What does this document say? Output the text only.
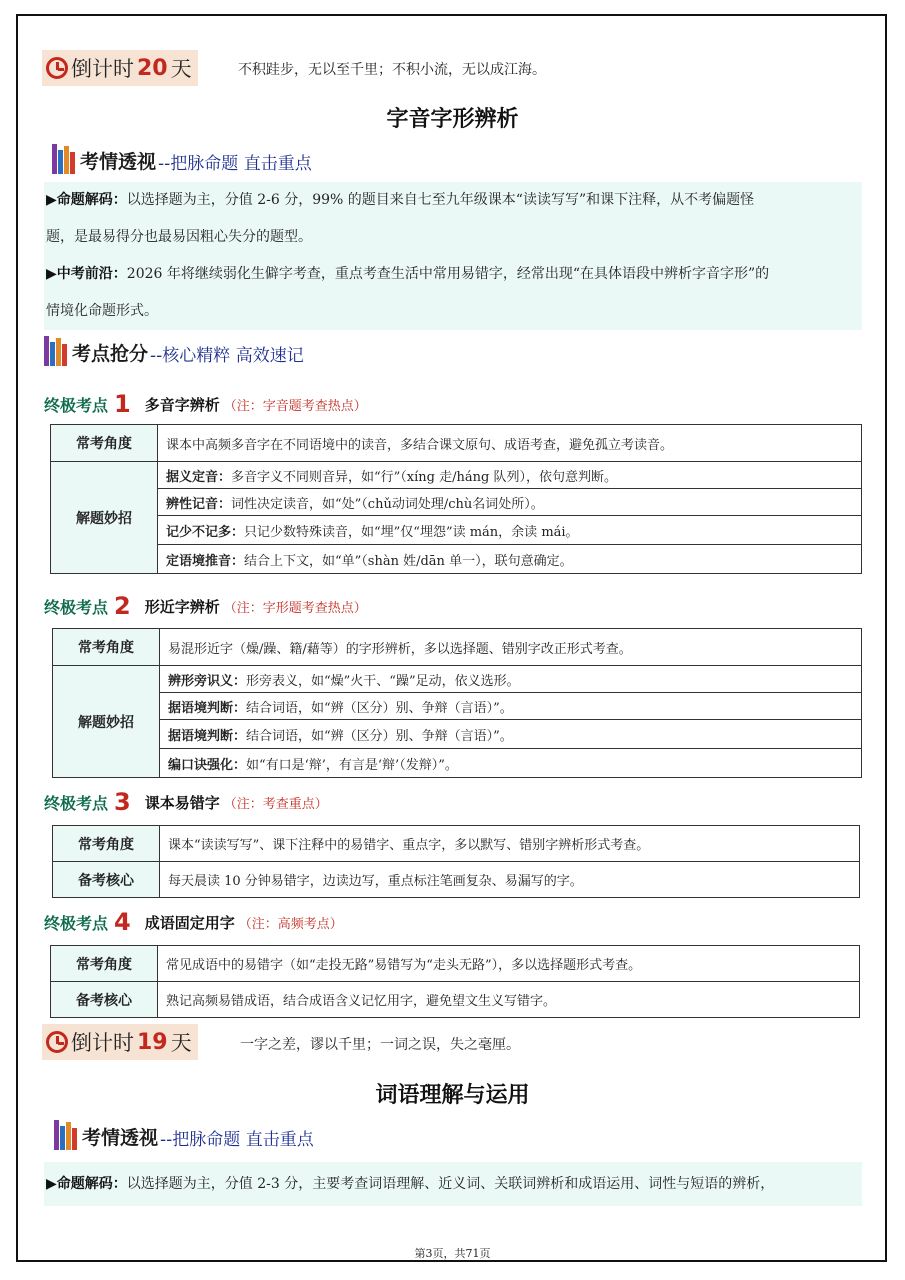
倒计时 20 天	不积跬步，无以至千里；不积小流，无以成江海。
字音字形辨析
考情透视 --把脉命题 直击重点
▶命题解码：以选择题为主，分值 2-6 分，99% 的题目来自七至九年级课本“读读写写”和课下注释，从不考偏题怪
题，是最易得分也最易因粗心失分的题型。
▶中考前沿：2026 年将继续弱化生僻字考查，重点考查生活中常用易错字，经常出现“在具体语段中辨析字音字形”的
情境化命题形式。
考点抢分 --核心精粹 高效速记
终极考点 1 多音字辨析 （注：字音题考查热点）
常考角度	课本中高频多音字在不同语境中的读音，多结合课文原句、成语考查，避免孤立考读音。
解题妙招	据义定音：多音字义不同则音异，如“行”（xíng 走/háng 队列），依句意判断。
	辨性记音：词性决定读音，如“处”（chǔ动词处理/chù名词处所）。
	记少不记多：只记少数特殊读音，如“埋”仅“埋怨”读 mán，余读 mái。
	定语境推音：结合上下文，如“单”（shàn 姓/dān 单一），联句意确定。
终极考点 2 形近字辨析 （注：字形题考查热点）
常考角度	易混形近字（燥/躁、籍/藉等）的字形辨析，多以选择题、错别字改正形式考查。
解题妙招	辨形旁识义：形旁表义，如“燥”火干、“躁”足动，依义选形。
	据语境判断：结合词语，如“辨（区分）别、争辩（言语）”。
	据语境判断：结合词语，如“辨（区分）别、争辩（言语）”。
	编口诀强化：如“有口是‘辩’，有言是‘辩’（发辩）”。
终极考点 3 课本易错字 （注：考查重点）
常考角度	课本“读读写写”、课下注释中的易错字、重点字，多以默写、错别字辨析形式考查。
备考核心	每天晨读 10 分钟易错字，边读边写，重点标注笔画复杂、易漏写的字。
终极考点 4 成语固定用字 （注：高频考点）
常考角度	常见成语中的易错字（如“走投无路”易错写为“走头无路”），多以选择题形式考查。
备考核心	熟记高频易错成语，结合成语含义记忆用字，避免望文生义写错字。
倒计时 19 天	一字之差，谬以千里；一词之误，失之毫厘。
词语理解与运用
考情透视 --把脉命题 直击重点
▶命题解码：以选择题为主，分值 2-3 分，主要考查词语理解、近义词、关联词辨析和成语运用、词性与短语的辨析，
第3页，共71页
